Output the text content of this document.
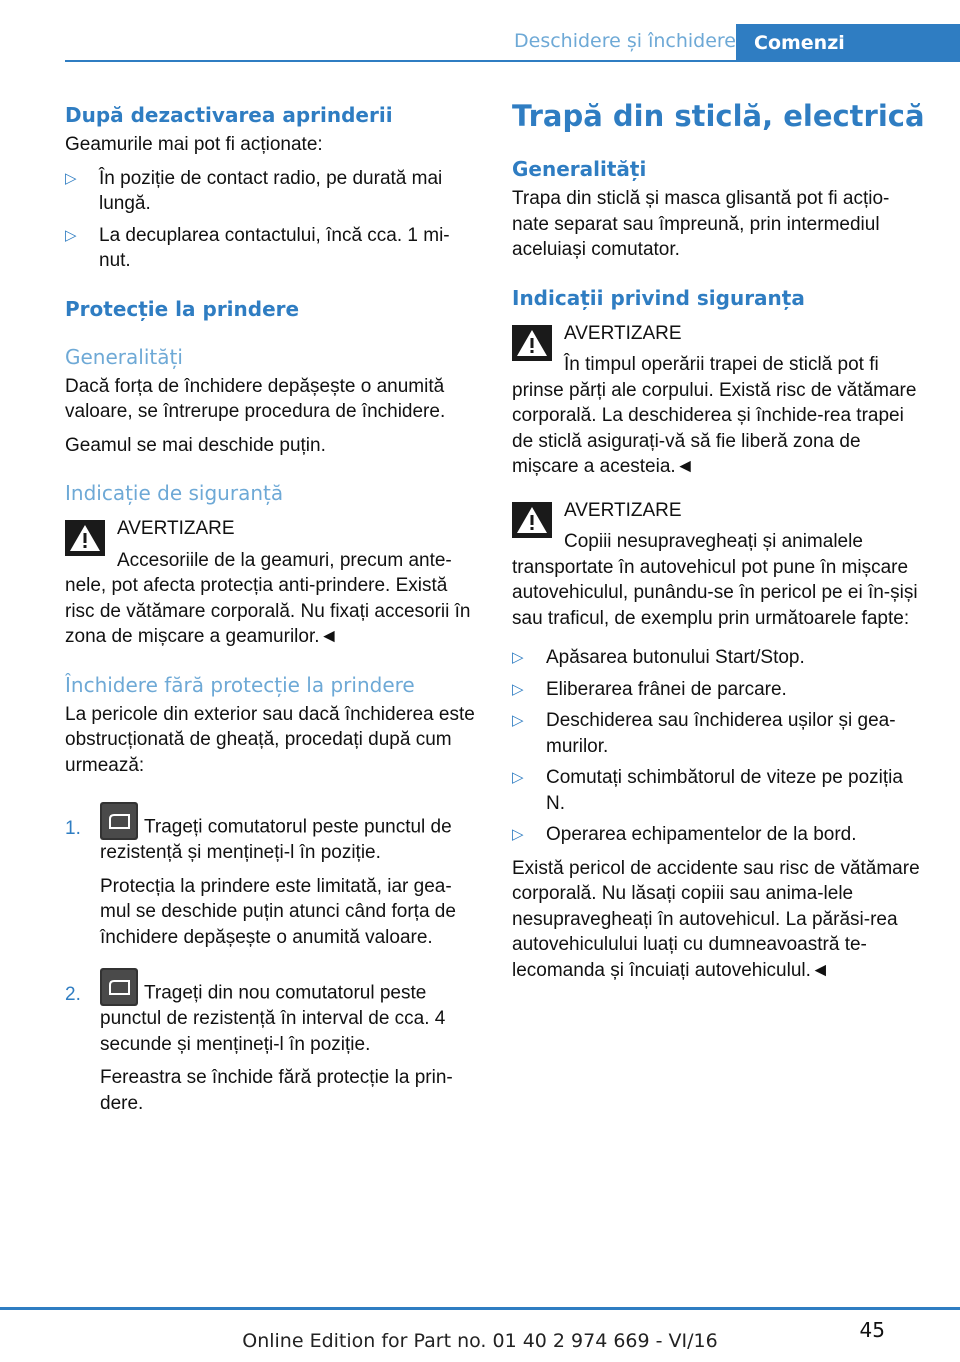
Deschidere și închidere Comenzi
După dezactivarea aprinderii

Geamurile mai pot fi acționate:

▷ În poziție de contact radio, pe durată mai lungă.
▷ La decuplarea contactului, încă cca. 1 mi-nut.
Protecție la prindere
Generalități

Dacă forța de închidere depășește o anumită valoare, se întrerupe procedura de închidere.

Geamul se mai deschide puțin.

Indicație de siguranță
AVERTIZARE

Accesoriile de la geamuri, precum ante-nele, pot afecta protecția anti-prindere. Există risc de vătămare corporală. Nu fixați accesorii în zona de mișcare a geamurilor.◄

Închidere fără protecție la prindere

La pericole din exterior sau dacă închiderea este obstrucționată de gheață, procedați după cum urmează:

1.	Trageți comutatorul peste punctul de rezistență și mențineți-l în poziție.
Protecția la prindere este limitată, iar gea-mul se deschide puțin atunci când forța de închidere depășește o anumită valoare.
2.	Trageți din nou comutatorul peste punctul de rezistență în interval de cca. 4 secunde și mențineți-l în poziție.
Fereastra se închide fără protecție la prin-dere.
Trapă din sticlă, electrică
Generalități

Trapa din sticlă și masca glisantă pot fi acțio-nate separat sau împreună, prin intermediul aceluiași comutator.

Indicații privind siguranța
AVERTIZARE

În timpul operării trapei de sticlă pot fi prinse părți ale corpului. Există risc de vătămare corporală. La deschiderea și închide-rea trapei de sticlă asigurați-vă să fie liberă zona de mișcare a acesteia.◄

AVERTIZARE

Copiii nesupravegheați și animalele transportate în autovehicul pot pune în mișcare autovehiculul, punându-se în pericol pe ei în-șiși sau traficul, de exemplu prin următoarele fapte:

▷ Apăsarea butonului Start/Stop.
▷ Eliberarea frânei de parcare.
▷ Deschiderea sau închiderea ușilor și gea-murilor.
▷ Comutați schimbătorul de viteze pe poziția N.
▷ Operarea echipamentelor de la bord.

Există pericol de accidente sau risc de vătămare corporală. Nu lăsați copiii sau anima-lele nesupravegheați în autovehicul. La părăsi-rea autovehiculului luați cu dumneavoastră te-lecomanda și încuiați autovehiculul.◄

45
Online Edition for Part no. 01 40 2 974 669 - VI/16
